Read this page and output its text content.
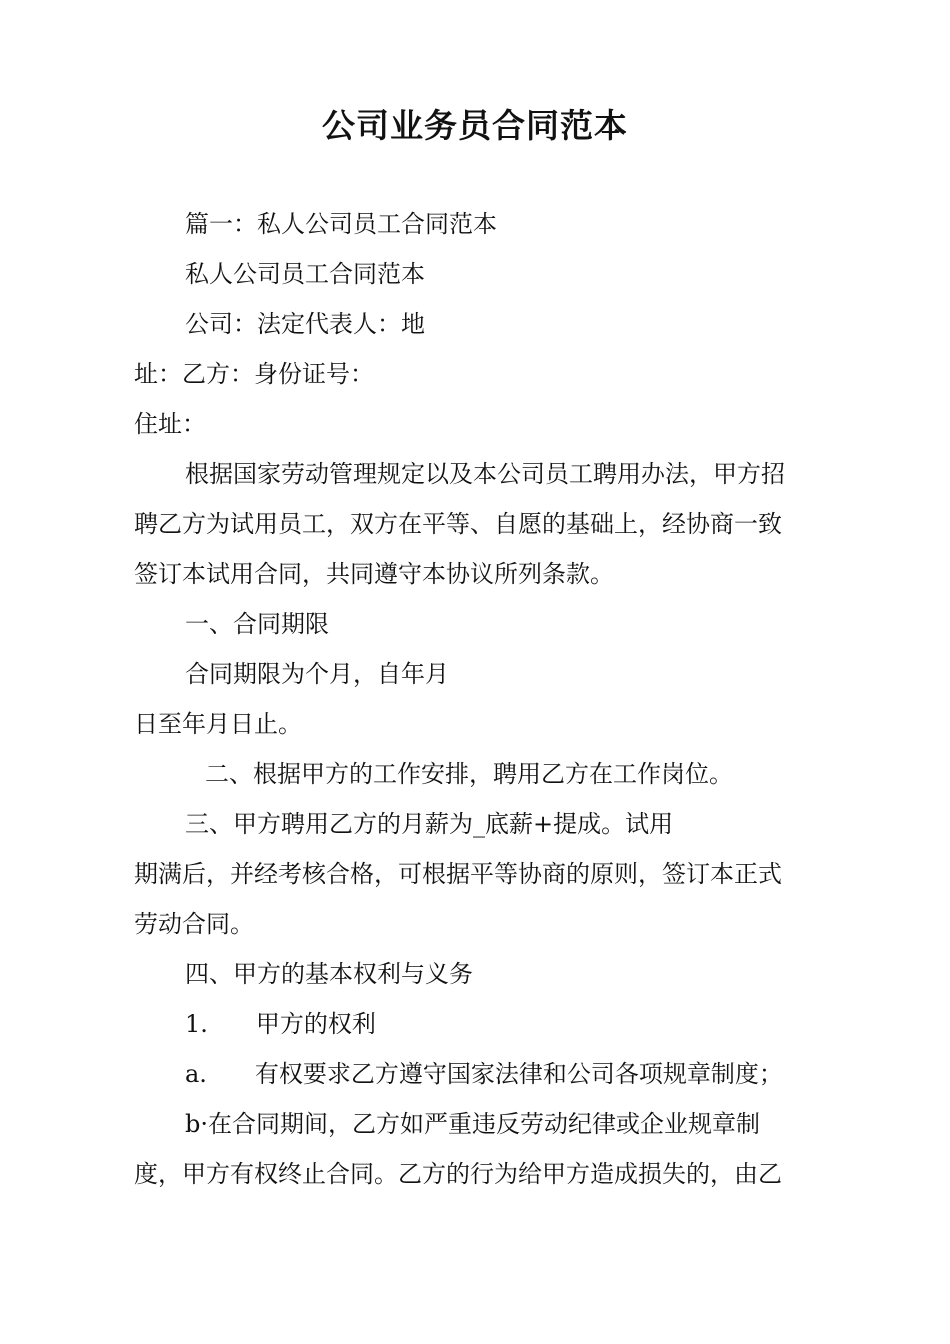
公司业务员合同范本
篇一：私人公司员工合同范本
私人公司员工合同范本
公司：法定代表人：地
址：乙方：身份证号：
住址：
根据国家劳动管理规定以及本公司员工聘用办法，甲方招
聘乙方为试用员工，双方在平等、自愿的基础上，经协商一致
签订本试用合同，共同遵守本协议所列条款。
一、合同期限
合同期限为个月，自年月
日至年月日止。
二、根据甲方的工作安排，聘用乙方在工作岗位。
三、甲方聘用乙方的月薪为_底薪+提成。试用
期满后，并经考核合格，可根据平等协商的原则，签订本正式
劳动合同。
四、甲方的基本权利与义务
1.　　甲方的权利
a.　　有权要求乙方遵守国家法律和公司各项规章制度；
b·在合同期间，乙方如严重违反劳动纪律或企业规章制
度，甲方有权终止合同。乙方的行为给甲方造成损失的，由乙
